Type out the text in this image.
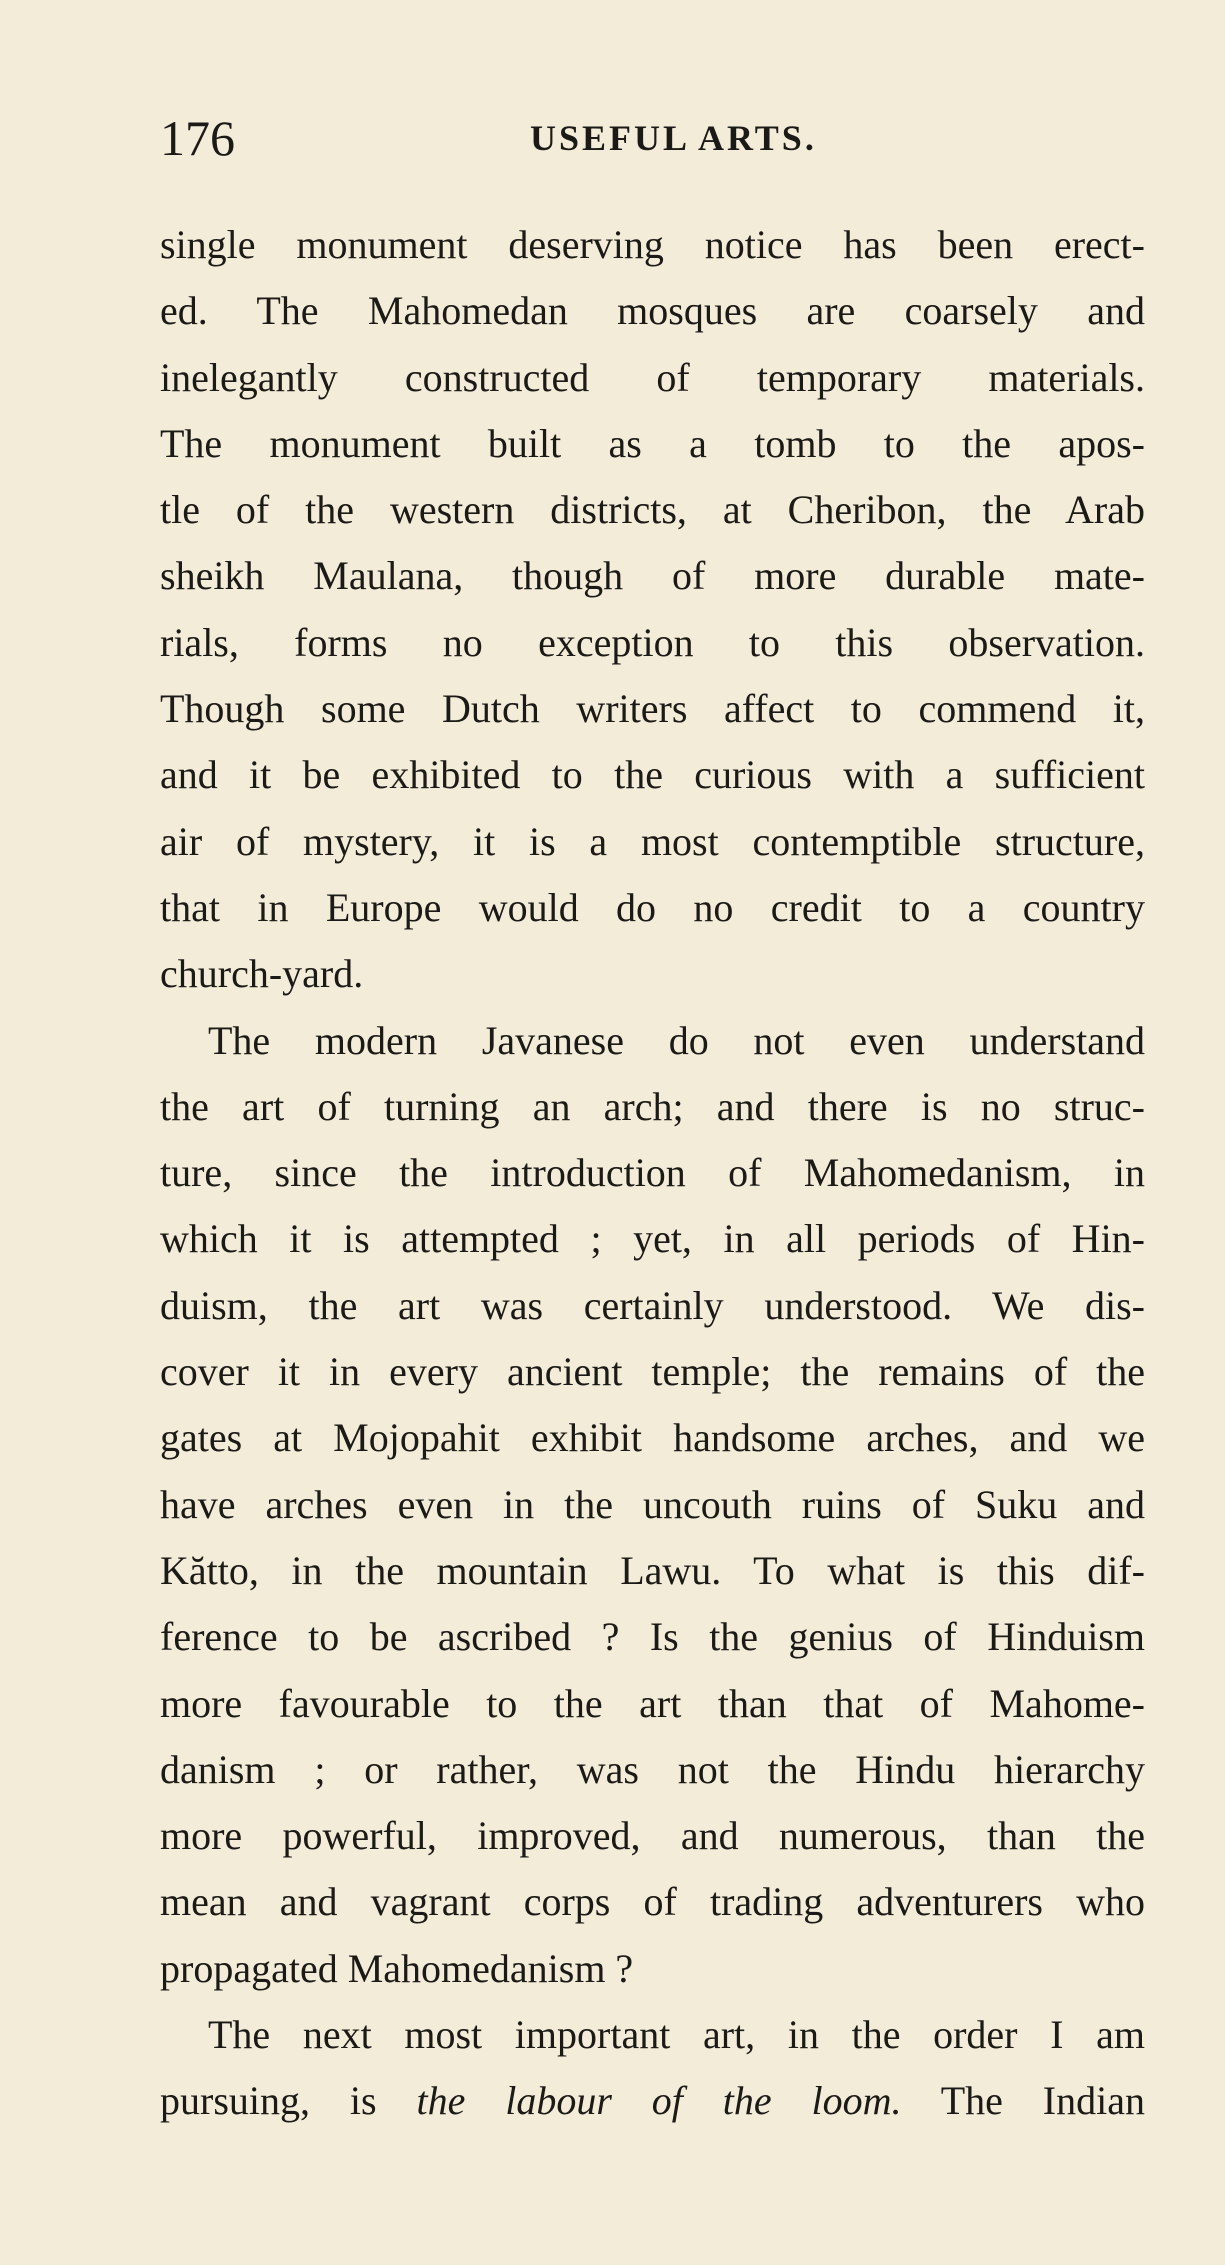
176	USEFUL ARTS.
single monument deserving notice has been erect-
ed. The Mahomedan mosques are coarsely and
inelegantly constructed of temporary materials.
The monument built as a tomb to the apos-
tle of the western districts, at Cheribon, the Arab
sheikh Maulana, though of more durable mate-
rials, forms no exception to this observation.
Though some Dutch writers affect to commend it,
and it be exhibited to the curious with a sufficient
air of mystery, it is a most contemptible structure,
that in Europe would do no credit to a country
church-yard.
The modern Javanese do not even understand
the art of turning an arch; and there is no struc-
ture, since the introduction of Mahomedanism, in
which it is attempted ; yet, in all periods of Hin-
duism, the art was certainly understood. We dis-
cover it in every ancient temple; the remains of the
gates at Mojopahit exhibit handsome arches, and we
have arches even in the uncouth ruins of Suku and
Kătto, in the mountain Lawu. To what is this dif-
ference to be ascribed ? Is the genius of Hinduism
more favourable to the art than that of Mahome-
danism ; or rather, was not the Hindu hierarchy
more powerful, improved, and numerous, than the
mean and vagrant corps of trading adventurers who
propagated Mahomedanism ?
The next most important art, in the order I am
pursuing, is the labour of the loom. The Indian
